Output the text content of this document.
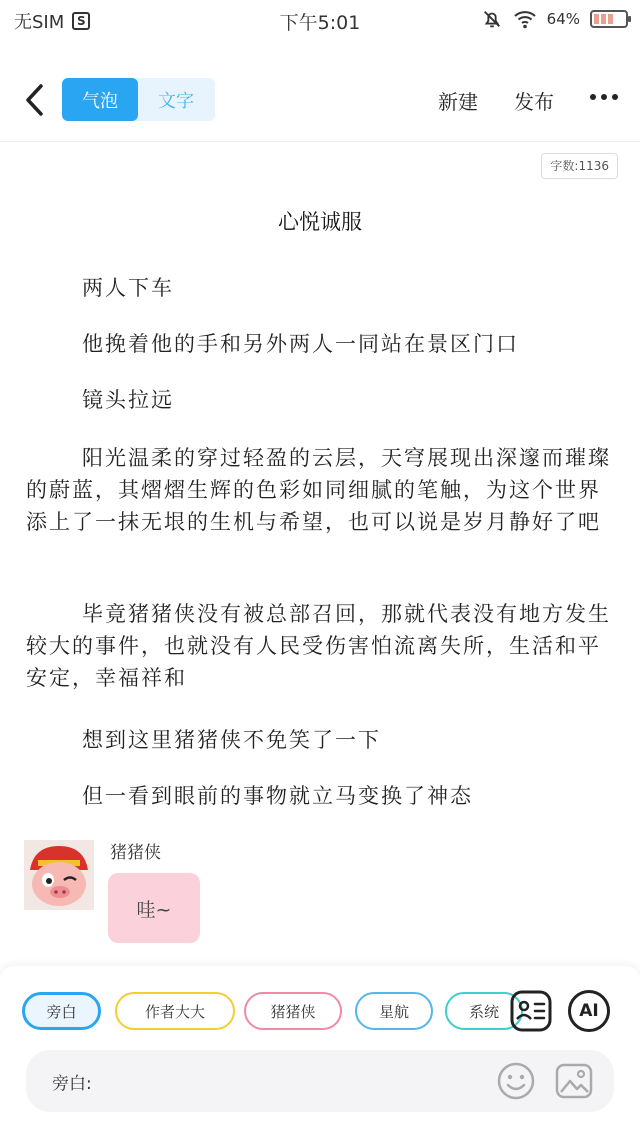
无SIM	S	下午5:01	64%
气泡	文字	新建 发布
字数:1136
心悦诚服

两人下车

他挽着他的手和另外两人一同站在景区门口

镜头拉远

阳光温柔的穿过轻盈的云层，天穹展现出深邃而璀璨的蔚蓝，其熠熠生辉的色彩如同细腻的笔触，为这个世界添上了一抹无垠的生机与希望，也可以说是岁月静好了吧

毕竟猪猪侠没有被总部召回，那就代表没有地方发生较大的事件，也就没有人民受伤害怕流离失所，生活和平安定，幸福祥和

想到这里猪猪侠不免笑了一下

但一看到眼前的事物就立马变换了神态

猪猪侠
哇~
旁白	作者大大	猪猪侠	星航	系统	AI
旁白:
